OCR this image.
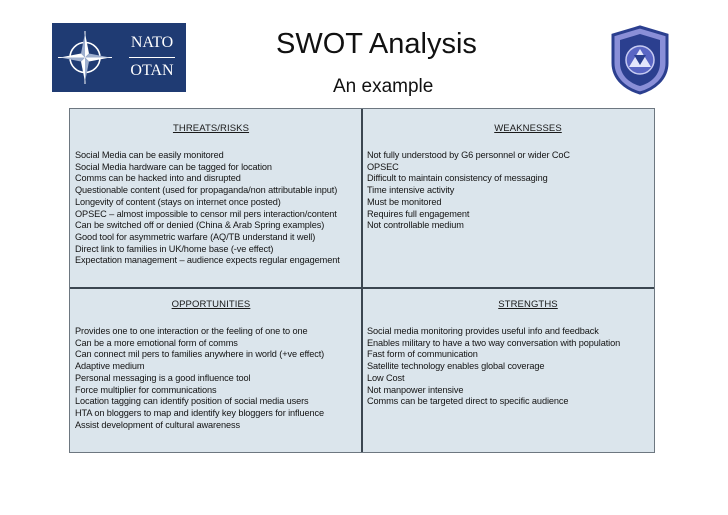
NATO
OTAN
SWOT Analysis
An example
THREATS/RISKS
Social Media can be easily monitored
Social Media hardware can be tagged for location
Comms can be hacked into and disrupted
Questionable content (used for propaganda/non attributable input)
Longevity of content (stays on internet once posted)
OPSEC – almost impossible to censor mil pers interaction/content
Can be switched off or denied (China & Arab Spring examples)
Good tool for asymmetric warfare (AQ/TB understand it well)
Direct link to families in UK/home base (-ve effect)
Expectation management – audience expects regular engagement
WEAKNESSES
Not fully understood by G6 personnel or wider CoC
OPSEC
Difficult to maintain consistency of messaging
Time intensive activity
Must be monitored
Requires full engagement
Not controllable medium
OPPORTUNITIES
Provides one to one interaction or the feeling of one to one
Can be a more emotional form of comms
Can connect mil pers to families anywhere in world (+ve effect)
Adaptive medium
Personal messaging is a good influence tool
Force multiplier for communications
Location tagging can identify position of social media users
HTA on bloggers to map and identify key bloggers for influence
Assist development of cultural awareness
STRENGTHS
Social media monitoring provides useful info and feedback
Enables military to have a two way conversation with population
Fast form of communication
Satellite technology enables global coverage
Low Cost
Not manpower intensive
Comms can be targeted direct to specific audience
